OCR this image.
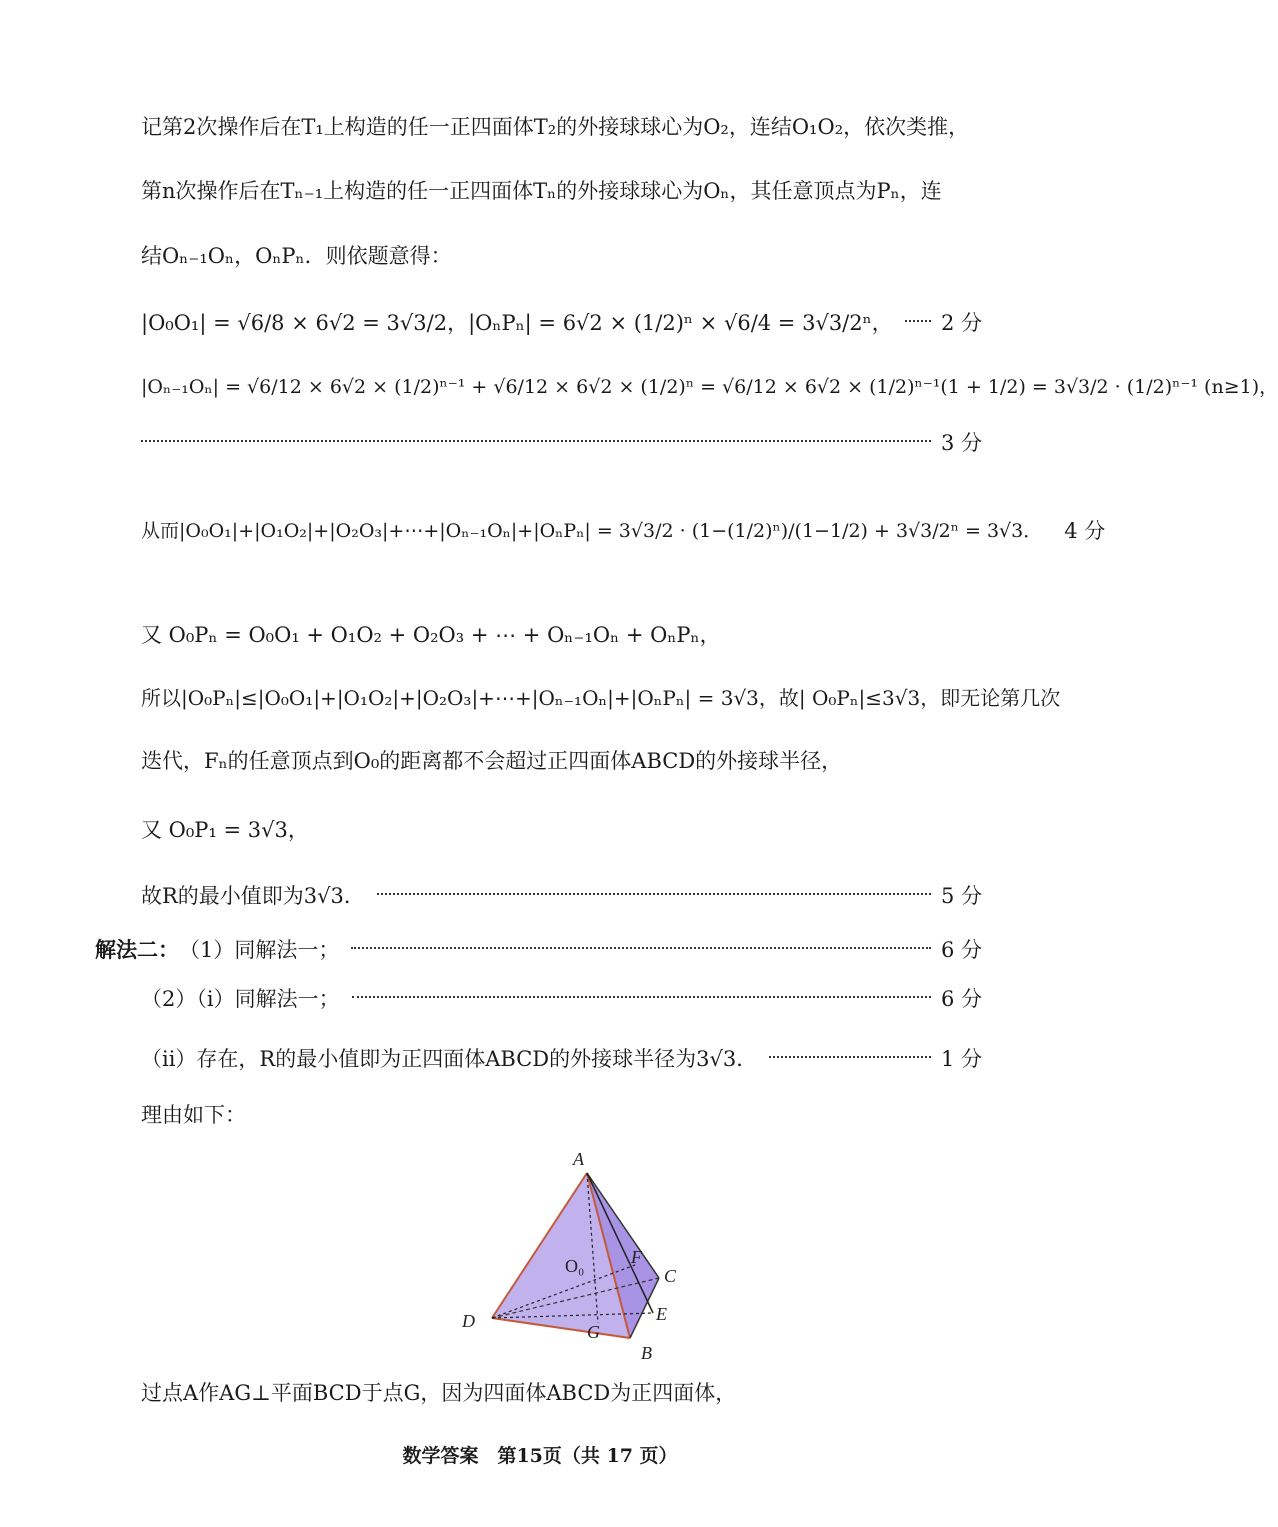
记第2次操作后在T₁上构造的任一正四面体T₂的外接球球心为O₂，连结O₁O₂，依次类推，
第n次操作后在Tₙ₋₁上构造的任一正四面体Tₙ的外接球球心为Oₙ，其任意顶点为Pₙ，连
结Oₙ₋₁Oₙ，OₙPₙ．则依题意得：
|O₀O₁| = √6/8 × 6√2 = 3√3/2，|OₙPₙ| = 6√2 × (1/2)ⁿ × √6/4 = 3√3/2ⁿ， 2 分
|Oₙ₋₁Oₙ| = √6/12 × 6√2 × (1/2)ⁿ⁻¹ + √6/12 × 6√2 × (1/2)ⁿ = √6/12 × 6√2 × (1/2)ⁿ⁻¹(1 + 1/2) = 3√3/2 · (1/2)ⁿ⁻¹ (n≥1)，
3 分
从而|O₀O₁|+|O₁O₂|+|O₂O₃|+⋯+|Oₙ₋₁Oₙ|+|OₙPₙ| = 3√3/2 · (1−(1/2)ⁿ)/(1−1/2) + 3√3/2ⁿ = 3√3． 4 分
又 O₀Pₙ = O₀O₁ + O₁O₂ + O₂O₃ + ⋯ + Oₙ₋₁Oₙ + OₙPₙ，
所以|O₀Pₙ|≤|O₀O₁|+|O₁O₂|+|O₂O₃|+⋯+|Oₙ₋₁Oₙ|+|OₙPₙ| = 3√3，故| O₀Pₙ|≤3√3，即无论第几次
迭代，Fₙ的任意顶点到O₀的距离都不会超过正四面体ABCD的外接球半径，
又 O₀P₁ = 3√3，
故R的最小值即为3√3．	5 分
解法二： （1）同解法一；	6 分
（2）（i）同解法一；	6 分
（ii）存在，R的最小值即为正四面体ABCD的外接球半径为3√3．	1 分
理由如下：
A
B
C
D	E
F
G
O₀
过点A作AG⊥平面BCD于点G，因为四面体ABCD为正四面体，
数学答案　第15页（共 17 页）
